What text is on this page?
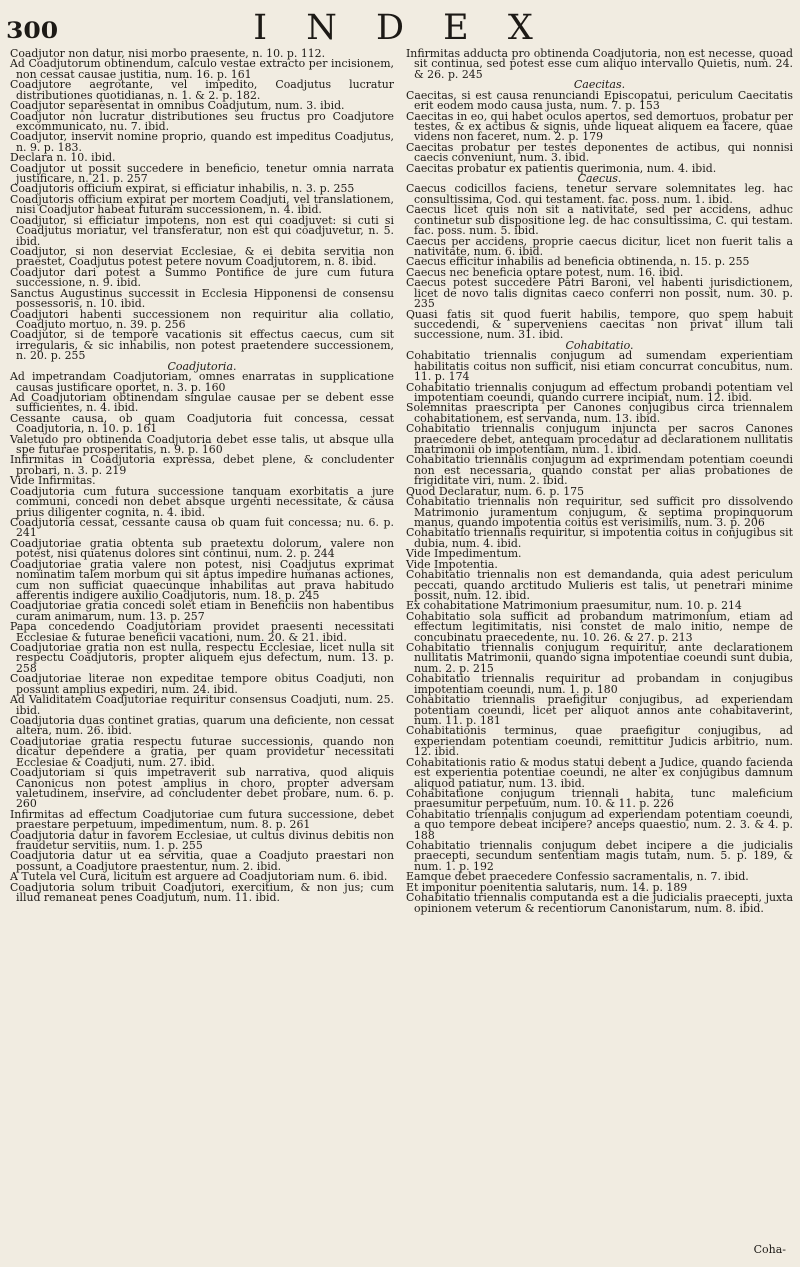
300	I N D E X

Coadjutor non datur, nisi morbo praesente, n. 10. p. 112.

Ad Coadjutorum obtinendum, calculo vestae extracto per incisionem, non cessat causae justitia, num. 16. p. 161

Coadjutore aegrotante, vel impedito, Coadjutus lucratur distributiones quotidianas, n. 1. & 2. p. 182.

Coadjutor separesentat in omnibus Coadjutum, num. 3. ibid.

Coadjutor non lucratur distributiones seu fructus pro Coadjutore excommunicato, nu. 7. ibid.

Coadjutor, inservit nomine proprio, quando est impeditus Coadjutus, n. 9. p. 183.

Declara n. 10. ibid.

Coadjutor ut possit succedere in beneficio, tenetur omnia narrata justificare, n. 21. p. 257

Coadjutoris officium expirat, si efficiatur inhabilis, n. 3. p. 255

Coadjutoris officium expirat per mortem Coadjuti, vel translationem, nisi Coadjutor habeat futuram successionem, n. 4. ibid.

Coadjutor, si efficiatur impotens, non est qui coadjuvet: si cuti si Coadjutus moriatur, vel transferatur, non est qui coadjuvetur, n. 5. ibid.

Coadjutor, si non deserviat Ecclesiae, & ei debita servitia non praestet, Coadjutus potest petere novum Coadjutorem, n. 8. ibid.

Coadjutor dari potest a Summo Pontifice de jure cum futura successione, n. 9. ibid.

Sanctus Augustinus successit in Ecclesia Hipponensi de consensu possessoris, n. 10. ibid.

Coadjutori habenti successionem non requiritur alia collatio, Coadjuto mortuo, n. 39. p. 256

Coadjutor, si de tempore vacationis sit effectus caecus, cum sit irregularis, & sic inhabilis, non potest praetendere successionem, n. 20. p. 255

Coadjutoria.

Ad impetrandam Coadjutoriam, omnes enarratas in supplicatione causas justificare oportet, n. 3. p. 160

Ad Coadjutoriam obtinendam singulae causae per se debent esse sufficientes, n. 4. ibid.

Cessante causa, ob quam Coadjutoria fuit concessa, cessat Coadjutoria, n. 10. p. 161

Valetudo pro obtinenda Coadjutoria debet esse talis, ut absque ulla spe futurae prosperitatis, n. 9. p. 160

Infirmitas in Coadjutoria expressa, debet plene, & concludenter probari, n. 3. p. 219

Vide Infirmitas.

Coadjutoria cum futura successione tanquam exorbitatis a jure communi, concedi non debet absque urgenti necessitate, & causa prius diligenter cognita, n. 4. ibid.

Coadjutoria cessat, cessante causa ob quam fuit concessa; nu. 6. p. 241

Coadjutoriae gratia obtenta sub praetextu dolorum, valere non potest, nisi quatenus dolores sint continui, num. 2. p. 244

Coadjutoriae gratia valere non potest, nisi Coadjutus exprimat nominatim talem morbum qui sit aptus impedire humanas actiones, cum non sufficiat quaecunque inhabilitas aut prava habitudo afferentis indigere auxilio Coadjutoris, num. 18. p. 245

Coadjutoriae gratia concedi solet etiam in Beneficiis non habentibus curam animarum, num. 13. p. 257

Papa concedendo Coadjutoriam providet praesenti necessitati Ecclesiae & futurae beneficii vacationi, num. 20. & 21. ibid.

Coadjutoriae gratia non est nulla, respectu Ecclesiae, licet nulla sit respectu Coadjutoris, propter aliquem ejus defectum, num. 13. p. 258

Coadjutoriae literae non expeditae tempore obitus Coadjuti, non possunt amplius expediri, num. 24. ibid.

Ad Validitatem Coadjutoriae requiritur consensus Coadjuti, num. 25. ibid.

Coadjutoria duas continet gratias, quarum una deficiente, non cessat altera, num. 26. ibid.

Coadjutoriae gratia respectu futurae successionis, quando non dicatur dependere a gratia, per quam providetur necessitati Ecclesiae & Coadjuti, num. 27. ibid.

Coadjutoriam si quis impetraverit sub narrativa, quod aliquis Canonicus non potest amplius in choro, propter adversam valetudinem, inservire, ad concludenter debet probare, num. 6. p. 260

Infirmitas ad effectum Coadjutoriae cum futura successione, debet praestare perpetuum, impedimentum, num. 8. p. 261

Coadjutoria datur in favorem Ecclesiae, ut cultus divinus debitis non fraudetur servitiis, num. 1. p. 255

Coadjutoria datur ut ea servitia, quae a Coadjuto praestari non possunt, a Coadjutore praestentur, num. 2. ibid.

A Tutela vel Cura, licitum est arguere ad Coadjutoriam num. 6. ibid.

Coadjutoria solum tribuit Coadjutori, exercitium, & non jus; cum illud remaneat penes Coadjutum, num. 11. ibid.

Infirmitas adducta pro obtinenda Coadjutoria, non est necesse, quoad sit continua, sed potest esse cum aliquo intervallo Quietis, num. 24. & 26. p. 245

Caecitas.

Caecitas, si est causa renunciandi Episcopatui, periculum Caecitatis erit eodem modo causa justa, num. 7. p. 153

Caecitas in eo, qui habet oculos apertos, sed demortuos, probatur per testes, & ex actibus & signis, unde liqueat aliquem ea facere, quae videns non faceret, num. 2. p. 179

Caecitas probatur per testes deponentes de actibus, qui nonnisi caecis conveniunt, num. 3. ibid.

Caecitas probatur ex patientis querimonia, num. 4. ibid.

Caecus.

Caecus codicillos faciens, tenetur servare solemnitates leg. hac consultissima, Cod. qui testament. fac. poss. num. 1. ibid.

Caecus licet quis non sit a nativitate, sed per accidens, adhuc continetur sub dispositione leg. de hac consultissima, C. qui testam. fac. poss. num. 5. ibid.

Caecus per accidens, proprie caecus dicitur, licet non fuerit talis a nativitate, num. 6. ibid.

Caecus efficitur inhabilis ad beneficia obtinenda, n. 15. p. 255

Caecus nec beneficia optare potest, num. 16. ibid.

Caecus potest succedere Patri Baroni, vel habenti jurisdictionem, licet de novo talis dignitas caeco conferri non possit, num. 30. p. 235

Quasi fatis sit quod fuerit habilis, tempore, quo spem habuit succedendi, & superveniens caecitas non privat illum tali successione, num. 31. ibid.

Cohabitatio.

Cohabitatio triennalis conjugum ad sumendam experientiam habilitatis coitus non sufficit, nisi etiam concurrat concubitus, num. 11. p. 174

Cohabitatio triennalis conjugum ad effectum probandi potentiam vel impotentiam coeundi, quando currere incipiat, num. 12. ibid.

Solemnitas praescripta per Canones conjugibus circa triennalem cohabitationem, est servanda, num. 13. ibid.

Cohabitatio triennalis conjugum injuncta per sacros Canones praecedere debet, antequam procedatur ad declarationem nullitatis matrimonii ob impotentiam, num. 1. ibid.

Cohabitatio triennalis conjugum ad exprimendam potentiam coeundi non est necessaria, quando constat per alias probationes de frigiditate viri, num. 2. ibid.

Quod Declaratur, num. 6. p. 175

Cohabitatio triennalis non requiritur, sed sufficit pro dissolvendo Matrimonio juramentum conjugum, & septima propinquorum manus, quando impotentia coitus est verisimilis, num. 3. p. 206

Cohabitatio triennalis requiritur, si impotentia coitus in conjugibus sit dubia, num. 4. ibid.

Vide Impedimentum.

Vide Impotentia.

Cohabitatio triennalis non est demandanda, quia adest periculum peccati, quando arctitudo Mulieris est talis, ut penetrari minime possit, num. 12. ibid.

Ex cohabitatione Matrimonium praesumitur, num. 10. p. 214

Cohabitatio sola sufficit ad probandum matrimonium, etiam ad effectum legitimitatis, nisi constet de malo initio, nempe de concubinatu praecedente, nu. 10. 26. & 27. p. 213

Cohabitatio triennalis conjugum requiritur, ante declarationem nullitatis Matrimonii, quando signa impotentiae coeundi sunt dubia, num. 2. p. 215

Cohabitatio triennalis requiritur ad probandam in conjugibus impotentiam coeundi, num. 1. p. 180

Cohabitatio triennalis praefigitur conjugibus, ad experiendam potentiam coeundi, licet per aliquot annos ante cohabitaverint, num. 11. p. 181

Cohabitationis terminus, quae praefigitur conjugibus, ad experiendam potentiam coeundi, remittitur Judicis arbitrio, num. 12. ibid.

Cohabitationis ratio & modus statui debent a Judice, quando facienda est experientia potentiae coeundi, ne alter ex conjugibus damnum aliquod patiatur, num. 13. ibid.

Cohabitatione conjugum triennali habita, tunc maleficium praesumitur perpetuum, num. 10. & 11. p. 226

Cohabitatio triennalis conjugum ad experiendam potentiam coeundi, a quo tempore debeat incipere? anceps quaestio, num. 2. 3. & 4. p. 188

Cohabitatio triennalis conjugum debet incipere a die judicialis praecepti, secundum sententiam magis tutam, num. 5. p. 189, & num. 1. p. 192

Eamque debet praecedere Confessio sacramentalis, n. 7. ibid.

Et imponitur poenitentia salutaris, num. 14. p. 189

Cohabitatio triennalis computanda est a die judicialis praecepti, juxta opinionem veterum & recentiorum Canonistarum, num. 8. ibid.

Coha-
